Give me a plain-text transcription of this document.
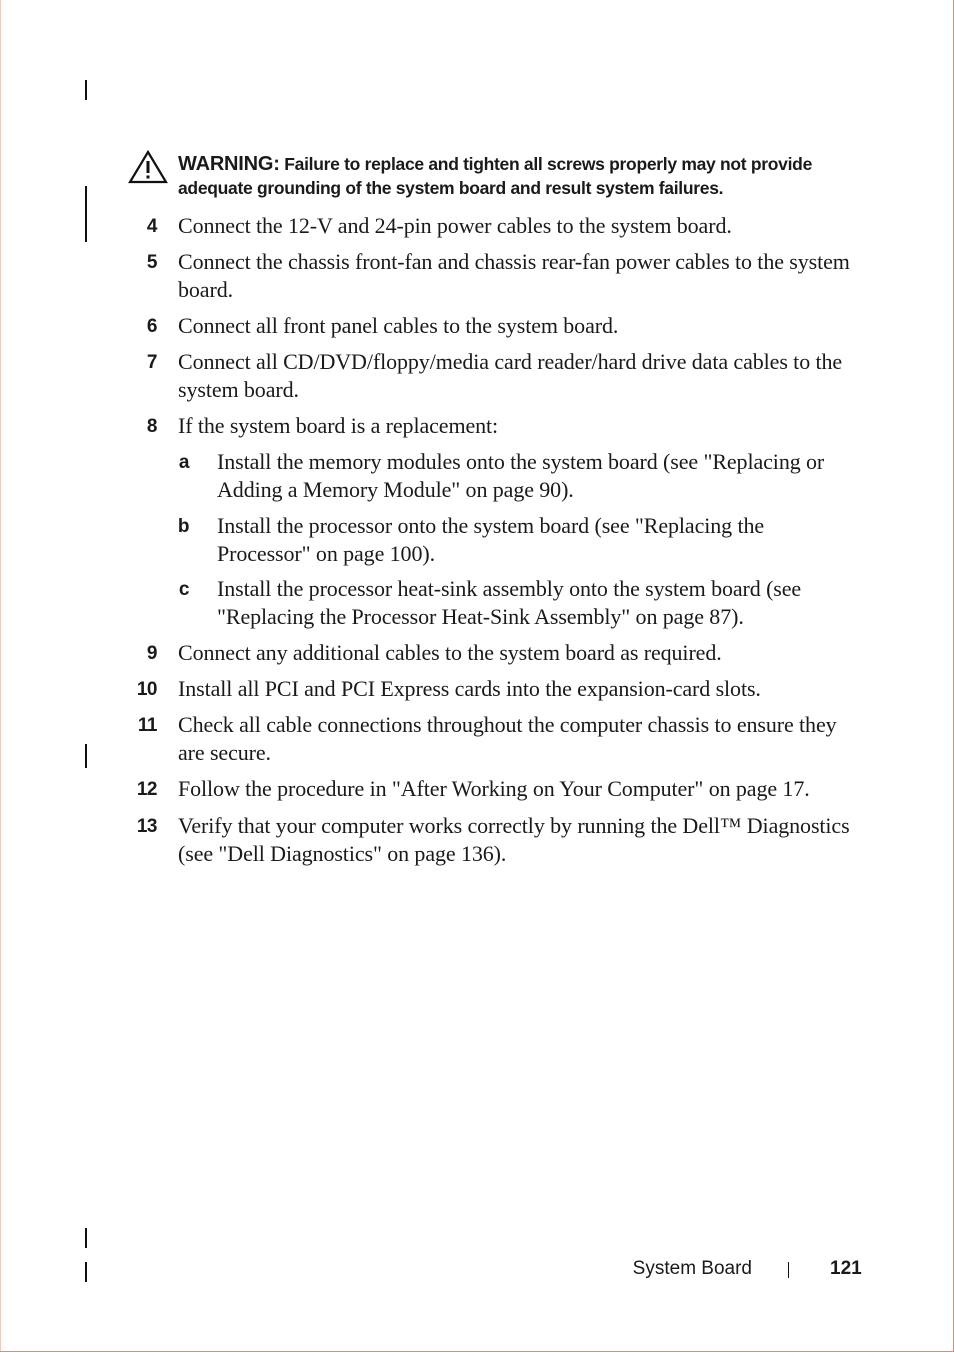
WARNING: Failure to replace and tighten all screws properly may not provide adequate grounding of the system board and result system failures.
4 Connect the 12-V and 24-pin power cables to the system board.
5 Connect the chassis front-fan and chassis rear-fan power cables to the system board.
6 Connect all front panel cables to the system board.
7 Connect all CD/DVD/floppy/media card reader/hard drive data cables to the system board.
8 If the system board is a replacement:
a Install the memory modules onto the system board (see "Replacing or Adding a Memory Module" on page 90).
b Install the processor onto the system board (see "Replacing the Processor" on page 100).
c Install the processor heat-sink assembly onto the system board (see "Replacing the Processor Heat-Sink Assembly" on page 87).
9 Connect any additional cables to the system board as required.
10 Install all PCI and PCI Express cards into the expansion-card slots.
11 Check all cable connections throughout the computer chassis to ensure they are secure.
12 Follow the procedure in "After Working on Your Computer" on page 17.
13 Verify that your computer works correctly by running the Dell™ Diagnostics (see "Dell Diagnostics" on page 136).
System Board	121
